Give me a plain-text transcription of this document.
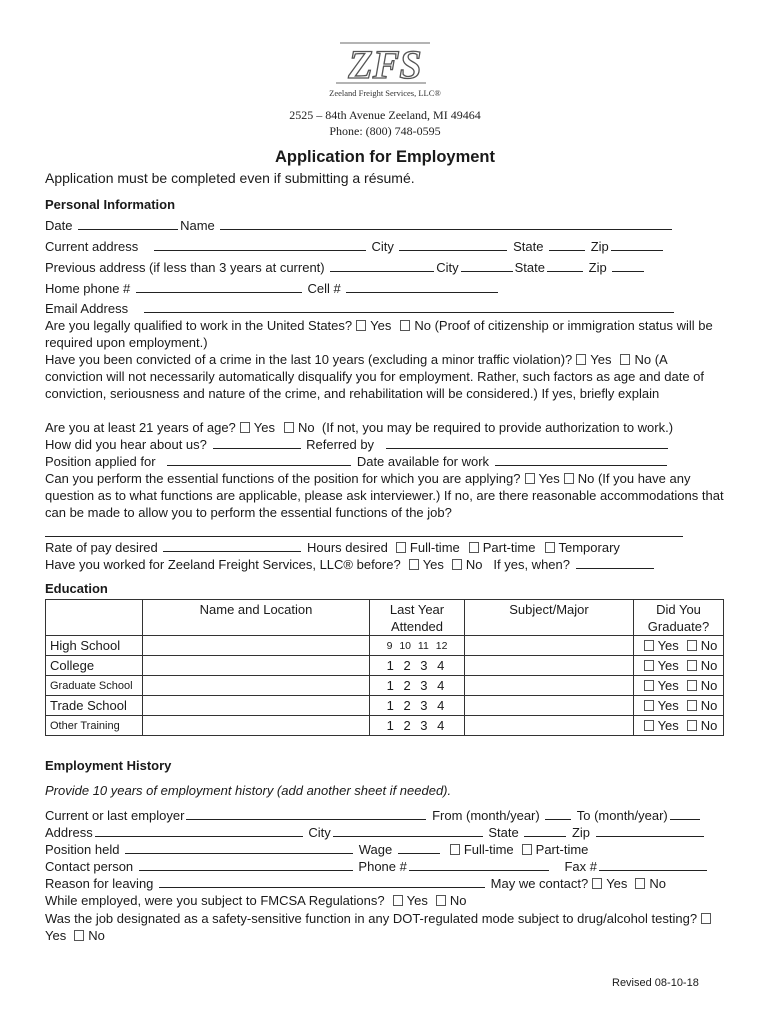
ZFS
Zeeland Freight Services, LLC®
2525 – 84th Avenue Zeeland, MI 49464
Phone: (800) 748-0595
Application for Employment
Application must be completed even if submitting a résumé.
Personal Information
Date	Name
Current address	City	State	Zip
Previous address (if less than 3 years at current)	City	State	Zip
Home phone #	Cell #
Email Address
Are you legally qualified to work in the United States? Yes No (Proof of citizenship or immigration status will be required upon employment.)
Have you been convicted of a crime in the last 10 years (excluding a minor traffic violation)? Yes No (A conviction will not necessarily automatically disqualify you for employment. Rather, such factors as age and date of conviction, seriousness and nature of the crime, and rehabilitation will be considered.) If yes, briefly explain
Are you at least 21 years of age? Yes No (If not, you may be required to provide authorization to work.)
How did you hear about us?	Referred by
Position applied for	Date available for work
Can you perform the essential functions of the position for which you are applying? Yes No (If you have any question as to what functions are applicable, please ask interviewer.) If no, are there reasonable accommodations that can be made to allow you to perform the essential functions of the job?
Rate of pay desired	Hours desired Full-time Part-time Temporary
Have you worked for Zeeland Freight Services, LLC® before? Yes No If yes, when?
Education
	Name and Location	Last Year Attended	Subject/Major	Did You Graduate?
High School		9 10 11 12		Yes No
College		1 2 3 4		Yes No
Graduate School		1 2 3 4		Yes No
Trade School		1 2 3 4		Yes No
Other Training		1 2 3 4		Yes No
Employment History
Provide 10 years of employment history (add another sheet if needed).
Current or last employer	From (month/year)	To (month/year)
Address	City	State	Zip
Position held	Wage	Full-time Part-time
Contact person	Phone #	Fax #
Reason for leaving	May we contact? Yes No
While employed, were you subject to FMCSA Regulations? Yes No
Was the job designated as a safety-sensitive function in any DOT-regulated mode subject to drug/alcohol testing?Yes No
Revised 08-10-18
